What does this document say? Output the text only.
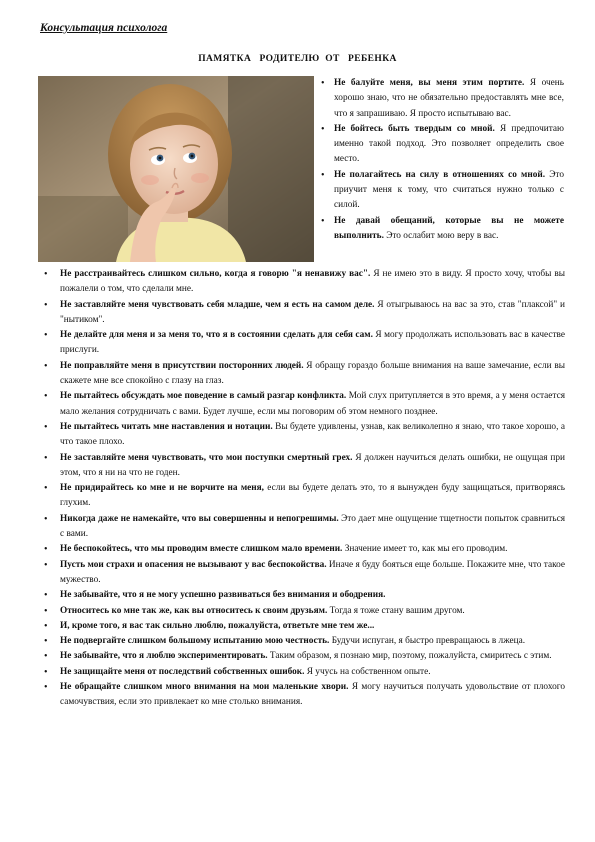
Консультация психолога
ПАМЯТКА   РОДИТЕЛЮ  ОТ   РЕБЕНКА
• Не балуйте меня, вы меня этим портите. Я очень хорошо знаю, что не обязательно предоставлять мне все, что я запрашиваю. Я просто испытываю вас.
• Не бойтесь быть твердым со мной. Я предпочитаю именно такой подход. Это позволяет определить свое место.
• Не полагайтесь на силу в отношениях со мной. Это приучит меня к тому, что считаться нужно только с силой.
• Не давай обещаний, которые вы не можете выполнить. Это ослабит мою веру в вас.
• Не расстраивайтесь слишком сильно, когда я говорю "я ненавижу вас". Я не имею это в виду. Я просто хочу, чтобы вы пожалели о том, что сделали мне.
• Не заставляйте меня чувствовать себя младше, чем я есть на самом деле. Я отыгрываюсь на вас за это, став "плаксой" и "нытиком".
• Не делайте для меня и за меня то, что я в состоянии сделать для себя сам. Я могу продолжать использовать вас в качестве прислуги.
• Не поправляйте меня в присутствии посторонних людей. Я обращу гораздо больше внимания на ваше замечание, если вы скажете мне все спокойно с глазу на глаз.
• Не пытайтесь обсуждать мое поведение в самый разгар конфликта. Мой слух притупляется в это время, а у меня остается мало желания сотрудничать с вами. Будет лучше, если мы поговорим об этом немного позднее.
• Не пытайтесь читать мне наставления и нотации. Вы будете удивлены, узнав, как великолепно я знаю, что такое хорошо, а что такое плохо.
• Не заставляйте меня чувствовать, что мои поступки смертный грех. Я должен научиться делать ошибки, не ощущая при этом, что я ни на что не годен.
• Не придирайтесь ко мне и не ворчите на меня, если вы будете делать это, то я вынужден буду защищаться, притворяясь глухим.
• Никогда даже не намекайте, что вы совершенны и непогрешимы. Это дает мне ощущение тщетности попыток сравниться с вами.
• Не беспокойтесь, что мы проводим вместе слишком мало времени. Значение имеет то, как мы его проводим.
• Пусть мои страхи и опасения не вызывают у вас беспокойства. Иначе я буду бояться еще больше. Покажите мне, что такое мужество.
• Не забывайте, что я не могу успешно развиваться без внимания и ободрения.
• Относитесь ко мне так же, как вы относитесь к своим друзьям. Тогда я тоже стану вашим другом.
• И, кроме того, я вас так сильно люблю, пожалуйста, ответьте мне тем же...
• Не подвергайте слишком большому испытанию мою честность. Будучи испуган, я быстро превращаюсь в лжеца.
• Не забывайте, что я люблю экспериментировать. Таким образом, я познаю мир, поэтому, пожалуйста, смиритесь с этим.
• Не защищайте меня от последствий собственных ошибок. Я учусь на собственном опыте.
• Не обращайте слишком много внимания на мои маленькие хвори. Я могу научиться получать удовольствие от плохого самочувствия, если это привлекает ко мне столько внимания.
